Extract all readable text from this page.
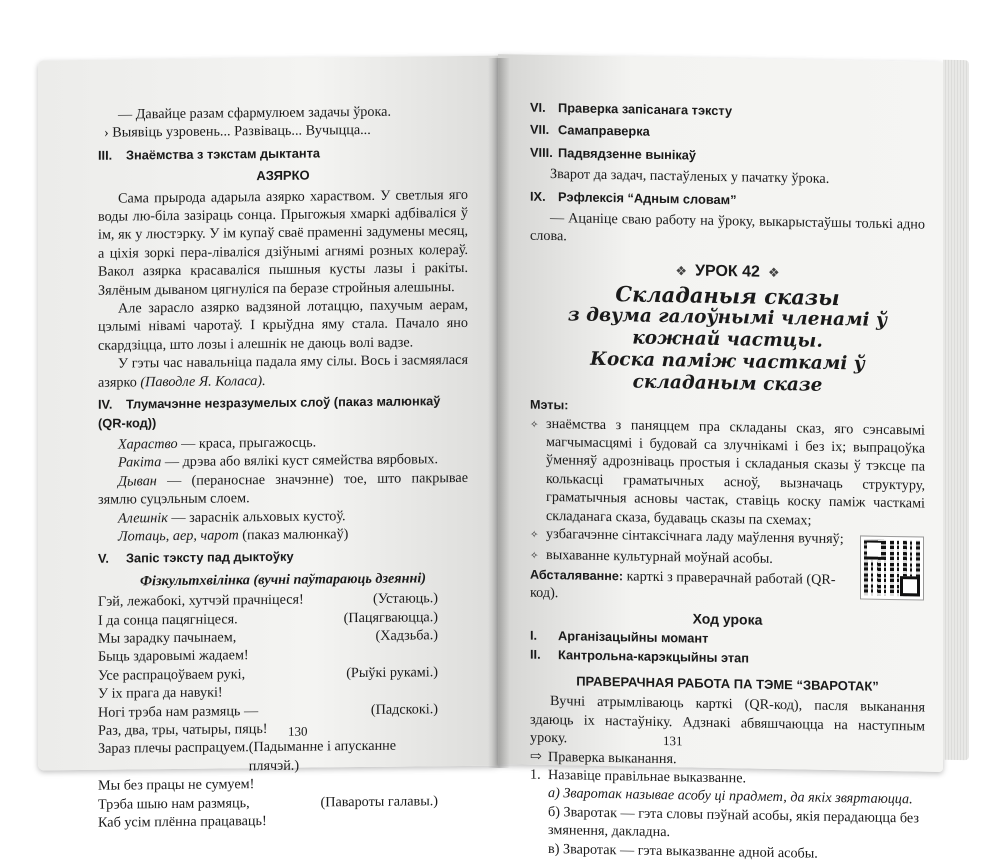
— Давайце разам сфармулюем задачы ўрока.

› Выявіць узровень... Развіваць... Вучыцца...

III. Знаёмства з тэкстам дыктанта
АЗЯРКО

Сама прырода адарыла азярко харaством. У светлыя яго воды лю-біла зазіраць сонца. Прыгожыя хмаркі адбіваліся ў ім, як у люстэрку. У ім купаў сваё праменні задумены месяц, а ціхія зоркі пера-ліваліся дзіўнымі агнямі розных колераў. Вакол азярка красаваліся пышныя кусты лазы і ракіты. Зялёным дываном цягнуліся па беразе стройныя алешыны.

Але зарасло азярко вадзяной лотаццю, пахучым аерам, цэлымі нівамі чаротаў. І крыўдна яму стала. Пачало яно скардзіцца, што лозы і алешнік не даюць волі вадзе.

У гэты час навальніца падала яму сілы. Вось і засмяялася азярко (Паводле Я. Коласа).

IV. Тлумачэнне незразумелых слоў (паказ малюнкаў (QR-код))

Хараство — краса, прыгажосць.

Ракіта — дрэва або вялікі куст сямейства вярбовых.

Дыван — (пераноснае значэнне) тое, што пакрывае зямлю суцэльным слоем.

Алешнік — зараснік альховых кустоў.

Лотаць, аер, чарот (паказ малюнкаў)

V. Запіс тэксту пад дыктоўку
Фізкультхвілінка (вучні паўтараюць дзеянні)
Гэй, лежабокі, хутчэй прачнiцеся!	(Устаюць.)
І да сонца пацягніцеся.	(Пацягваюцца.)
Мы зарадку пачынаем,	(Хадзьба.)
Быць здаровымі жадаем!
Усе распрацоўваем рукі,	(Рыўкі рукамі.)
У іх прага да навукі!
Ногі трэба нам размяць —	(Падскокі.)
Раз, два, тры, чатыры, пяць!
Зараз плечы распрацуем. (Падыманне і апусканне плячэй.)
Мы без працы не сумуем!
Трэба шыю нам размяць,	(Павароты галавы.)
Каб усім плённа працаваць!
130
VI. Праверка запісанага тэксту
VII. Самаправерка
VIII. Падвядзенне вынікаў

Зварот да задач, пастаўленых у пачатку ўрока.

IX. Рэфлексія “Адным словам”

— Ацаніце сваю работу на ўроку, выкарыстаўшы толькі адно слова.

❖ УРОК 42 ❖
Складаныя сказы
з двума галоўнымі членамі ў кожнай частцы.
Коска паміж часткамі ў складаным сказе
Мэты:
✧ знаёмства з паняццем пра складаны сказ, яго сэнсавымі магчымасцямі і будовай са злучнікамі і без іх; выпрацоўка ўменняў адрозніваць простыя і складаныя сказы ў тэксце па колькасці граматычных асноў, вызначаць структуру, граматычныя асновы частак, ставіць коску паміж часткамі складанага сказа, будаваць сказы па схемах;
✧ узбагачэнне сінтаксічнага ладу маўлення вучняў;
✧ выхаванне культурнай моўнай асобы.

Абсталяванне: карткі з праверачнай работай (QR-код).

Ход урока
I. Арганізацыйны момант
II. Кантрольна-карэкцыйны этап
ПРАВЕРАЧНАЯ РАБОТА ПА ТЭМЕ “ЗВАРОТАК”

Вучні атрымліваюць карткі (QR-код), пасля выканання здаюць іх настаўніку. Адзнакі абвяшчаюцца на наступным уроку.

⇨ Праверка выканання.
1. Назавіце правільнае выказванне.
а) Зваротак называе асобу ці прадмет, да якіх звяртаюцца.
б) Зваротак — гэта словы пэўнай асобы, якія перадаюцца без змянення, дакладна.
в) Зваротак — гэта выказванне адной асобы.
131
